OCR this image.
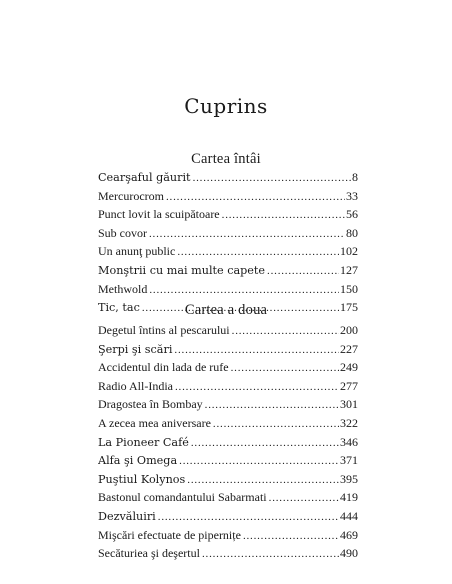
Cuprins
Cartea întâi
Cearşaful găurit .....	8
Mercurocrom .....	33
Punct lovit la scuipătoare .....	56
Sub covor .....	80
Un anunţ public .....	102
Monştrii cu mai multe capete .....	127
Methwold .....	150
Tic, tac .....	175
Cartea a doua
Degetul întins al pescarului .....	200
Şerpi şi scări .....	227
Accidentul din lada de rufe .....	249
Radio All-India .....	277
Dragostea în Bombay .....	301
A zecea mea aniversare .....	322
La Pioneer Café .....	346
Alfa şi Omega .....	371
Puştiul Kolynos .....	395
Bastonul comandantului Sabarmati .....	419
Dezvăluiri .....	444
Mişcări efectuate de pipernițe .....	469
Secăturiea şi deşertul .....	490
